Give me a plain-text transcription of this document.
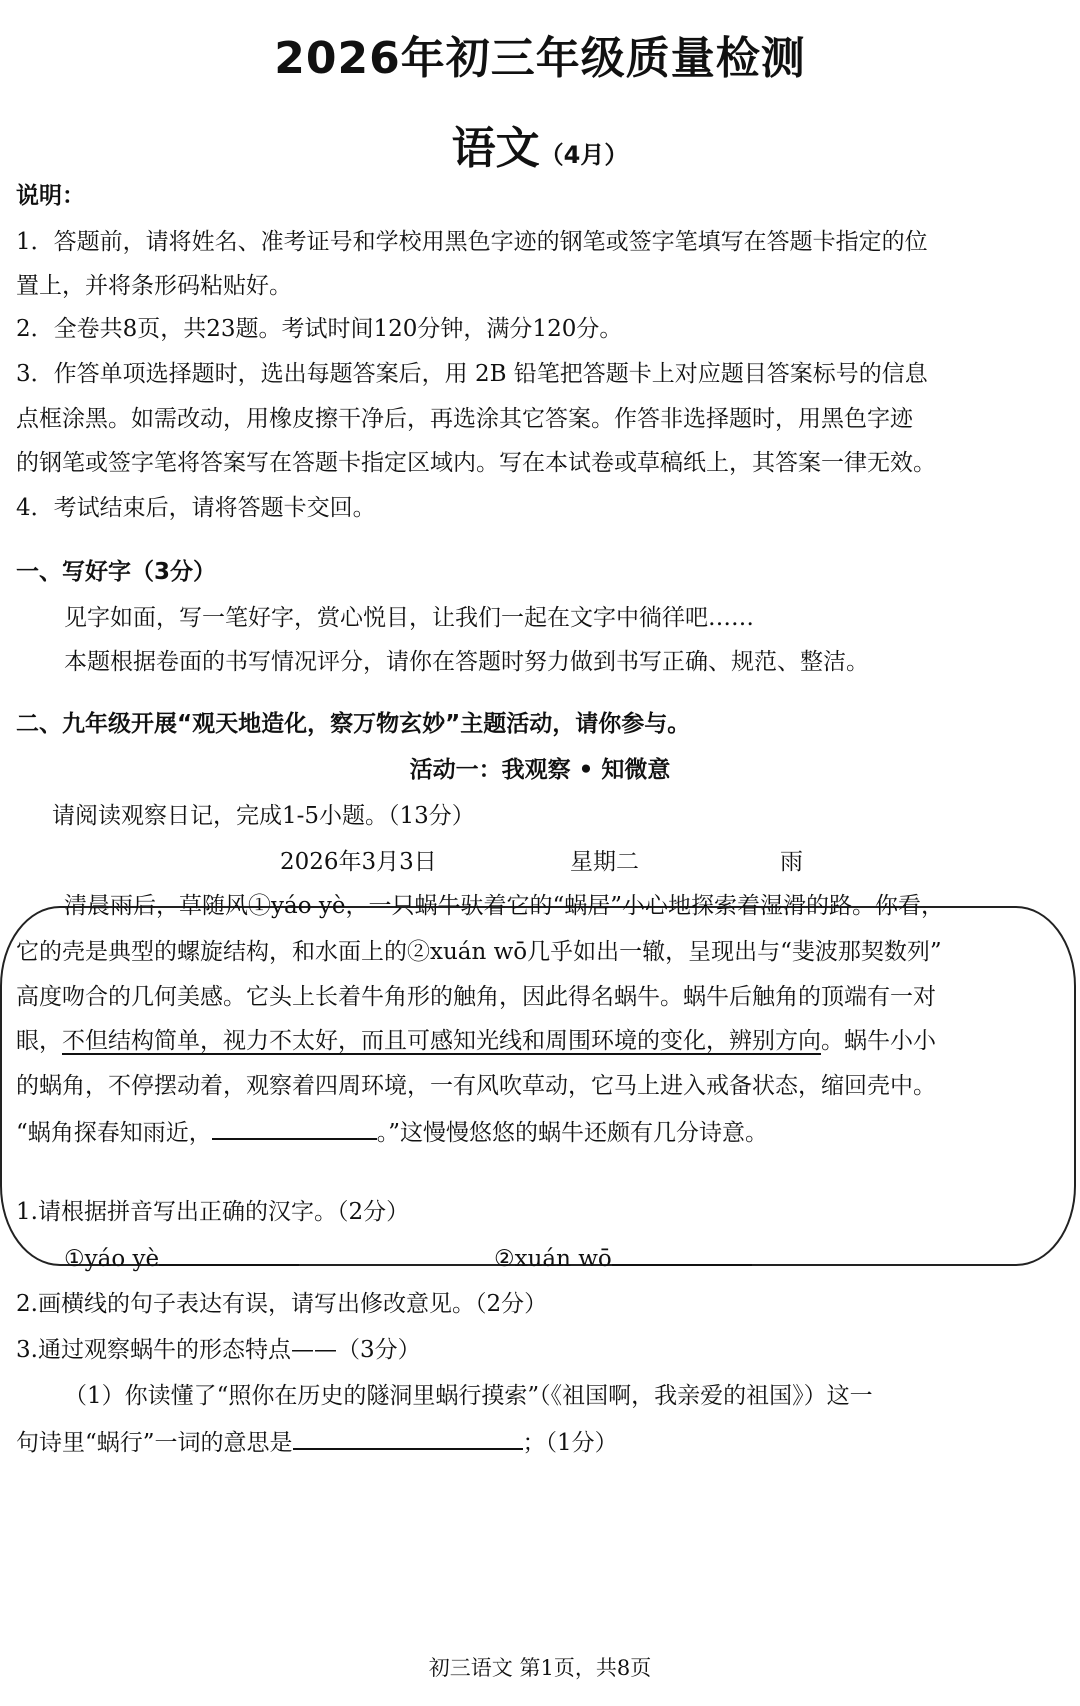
2026年初三年级质量检测
语文（4月）
说明：
1．答题前，请将姓名、准考证号和学校用黑色字迹的钢笔或签字笔填写在答题卡指定的位
置上，并将条形码粘贴好。
2．全卷共8页，共23题。考试时间120分钟，满分120分。
3．作答单项选择题时，选出每题答案后，用 2B 铅笔把答题卡上对应题目答案标号的信息
点框涂黑。如需改动，用橡皮擦干净后，再选涂其它答案。作答非选择题时，用黑色字迹
的钢笔或签字笔将答案写在答题卡指定区域内。写在本试卷或草稿纸上，其答案一律无效。
4．考试结束后，请将答题卡交回。
一、写好字（3分）
见字如面，写一笔好字，赏心悦目，让我们一起在文字中徜徉吧……
本题根据卷面的书写情况评分，请你在答题时努力做到书写正确、规范、整洁。
二、九年级开展“观天地造化，察万物玄妙”主题活动，请你参与。
活动一：我观察 • 知微意
请阅读观察日记，完成1-5小题。（13分）
2026年3月3日	星期二	雨
清晨雨后，草随风①yáo yè，一只蜗牛驮着它的“蜗居”小心地探索着湿滑的路。你看，
它的壳是典型的螺旋结构，和水面上的②xuán wō几乎如出一辙，呈现出与“斐波那契数列”
高度吻合的几何美感。它头上长着牛角形的触角，因此得名蜗牛。蜗牛后触角的顶端有一对
眼，不但结构简单，视力不太好，而且可感知光线和周围环境的变化，辨别方向。蜗牛小小
的蜗角，不停摆动着，观察着四周环境，一有风吹草动，它马上进入戒备状态，缩回壳中。
“蜗角探春知雨近，	。”这慢慢悠悠的蜗牛还颇有几分诗意。
1.请根据拼音写出正确的汉字。（2分）
①yáo yè	②xuán wō
2.画横线的句子表达有误，请写出修改意见。（2分）
3.通过观察蜗牛的形态特点——（3分）
（1）你读懂了“照你在历史的隧洞里蜗行摸索”（《祖国啊，我亲爱的祖国》）这一
句诗里“蜗行”一词的意思是	；（1分）
初三语文 第1页，共8页
